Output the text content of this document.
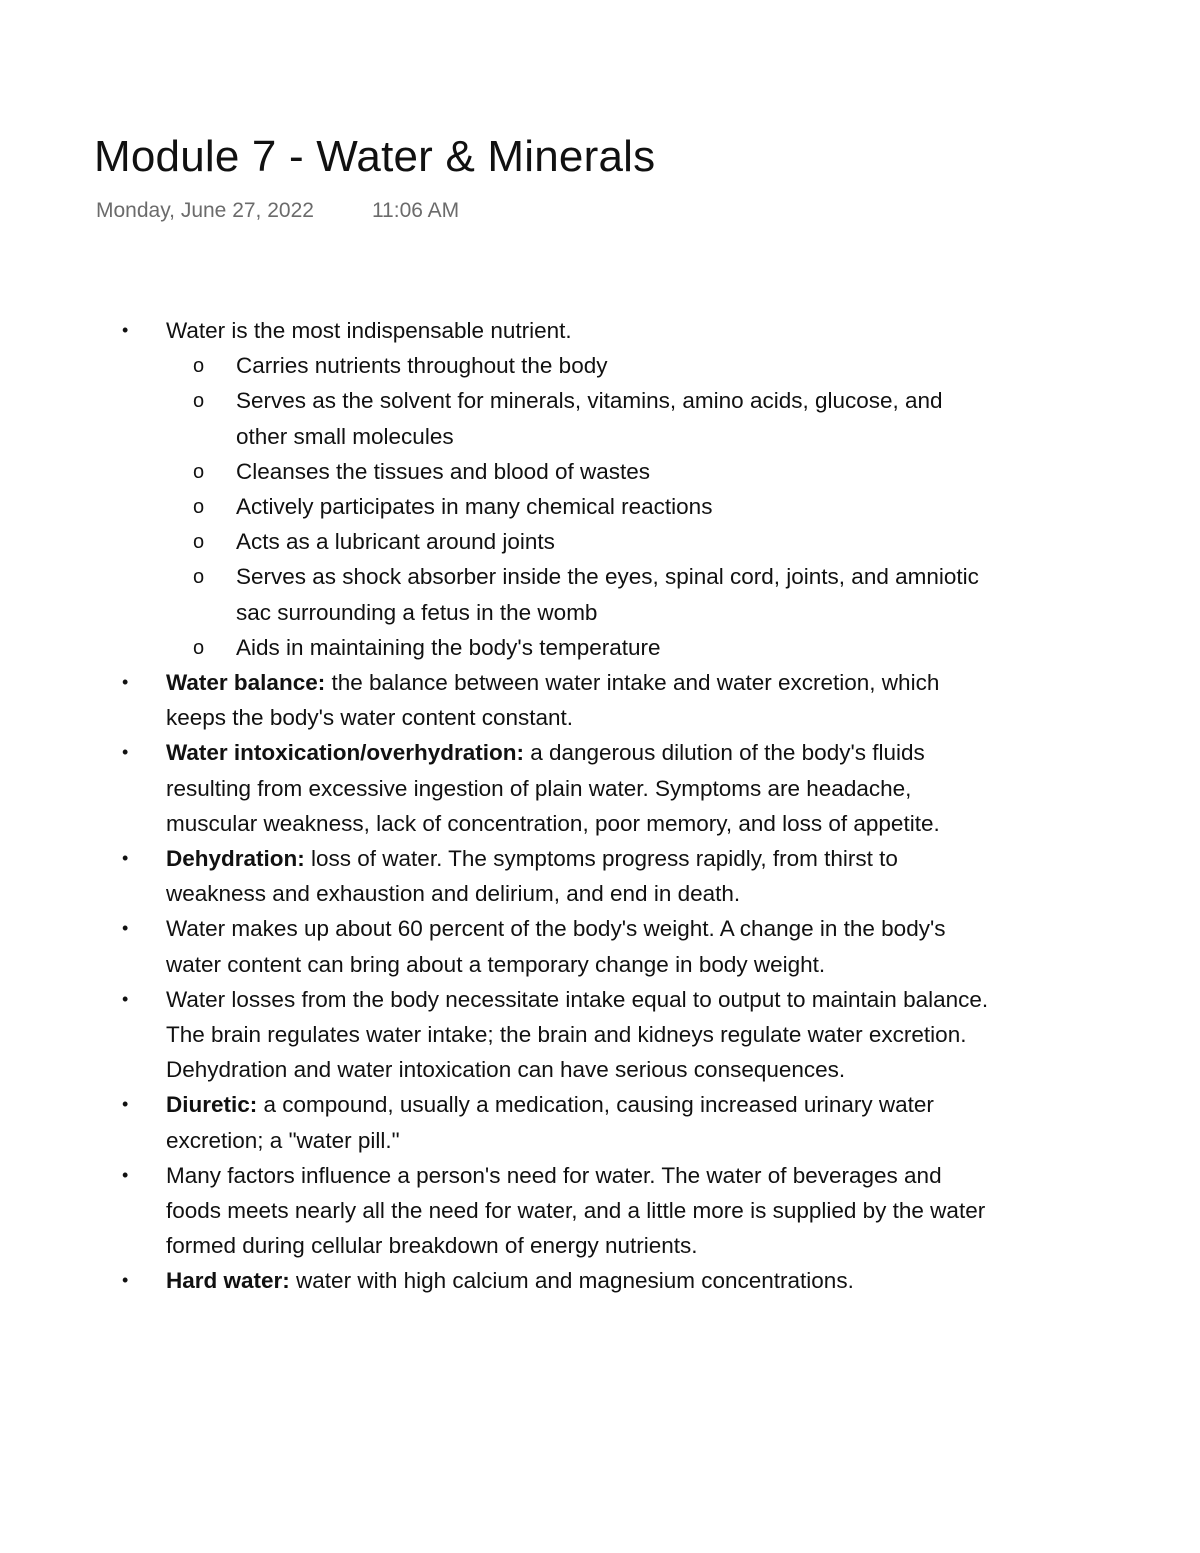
Module 7 - Water & Minerals
Monday, June 27, 2022	11:06 AM
• Water is the most indispensable nutrient.
o Carries nutrients throughout the body
o Serves as the solvent for minerals, vitamins, amino acids, glucose, and other small molecules
o Cleanses the tissues and blood of wastes
o Actively participates in many chemical reactions
o Acts as a lubricant around joints
o Serves as shock absorber inside the eyes, spinal cord, joints, and amniotic sac surrounding a fetus in the womb
o Aids in maintaining the body's temperature
• Water balance: the balance between water intake and water excretion, which keeps the body's water content constant.
• Water intoxication/overhydration: a dangerous dilution of the body's fluids resulting from excessive ingestion of plain water. Symptoms are headache, muscular weakness, lack of concentration, poor memory, and loss of appetite.
• Dehydration: loss of water. The symptoms progress rapidly, from thirst to weakness and exhaustion and delirium, and end in death.
• Water makes up about 60 percent of the body's weight. A change in the body's water content can bring about a temporary change in body weight.
• Water losses from the body necessitate intake equal to output to maintain balance. The brain regulates water intake; the brain and kidneys regulate water excretion. Dehydration and water intoxication can have serious consequences.
• Diuretic: a compound, usually a medication, causing increased urinary water excretion; a "water pill."
• Many factors influence a person's need for water. The water of beverages and foods meets nearly all the need for water, and a little more is supplied by the water formed during cellular breakdown of energy nutrients.
• Hard water: water with high calcium and magnesium concentrations.
